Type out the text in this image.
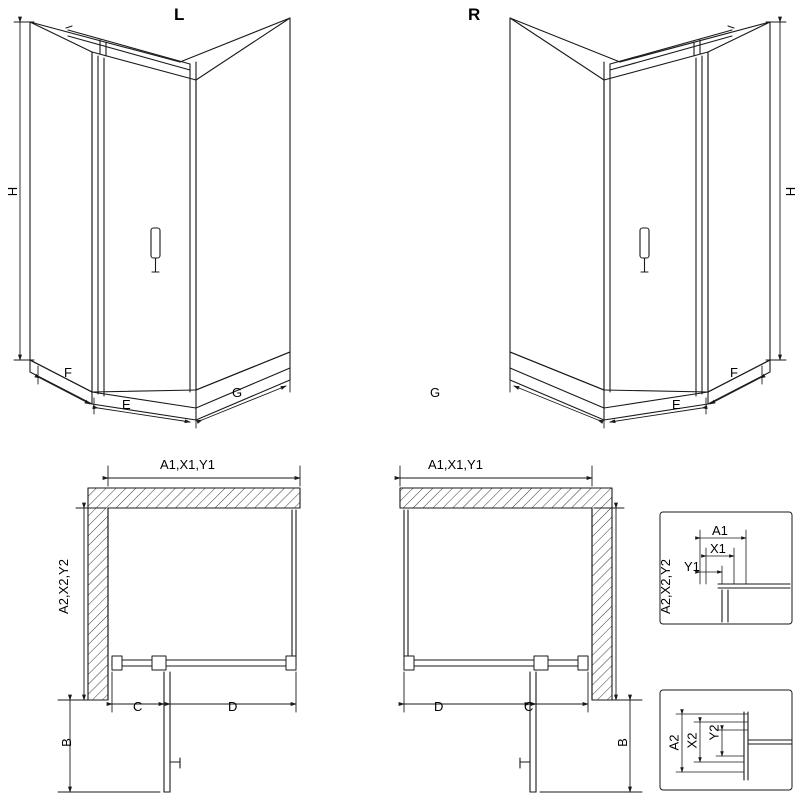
L	R
H	H
F
E
G
F
E
G
A1,X1,Y1
A2,X2,Y2
C	D
B
A1,X1,Y1
A2,X2,Y2
D	C
B
A1
X1
Y1
A2 X2
Y2
